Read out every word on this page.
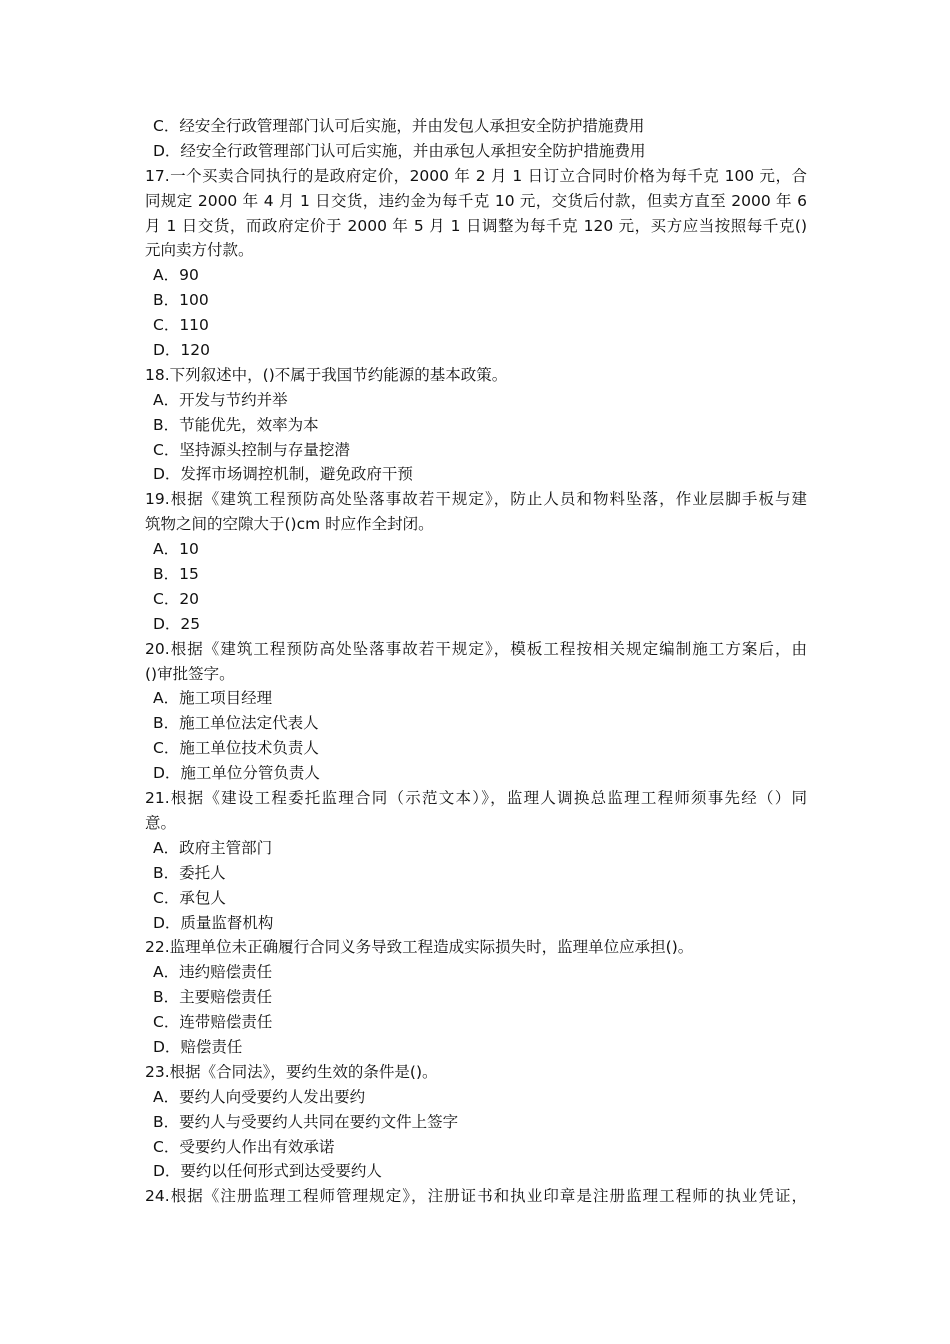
C．经安全行政管理部门认可后实施，并由发包人承担安全防护措施费用
D．经安全行政管理部门认可后实施，并由承包人承担安全防护措施费用
17.一个买卖合同执行的是政府定价，2000 年 2 月 1 日订立合同时价格为每千克 100 元，合
同规定 2000 年 4 月 1 日交货，违约金为每千克 10 元，交货后付款，但卖方直至 2000 年 6
月 1 日交货，而政府定价于 2000 年 5 月 1 日调整为每千克 120 元，买方应当按照每千克()
元向卖方付款。
A．90
B．100
C．110
D．120
18.下列叙述中，()不属于我国节约能源的基本政策。
A．开发与节约并举
B．节能优先，效率为本
C．坚持源头控制与存量挖潜
D．发挥市场调控机制，避免政府干预
19.根据《建筑工程预防高处坠落事故若干规定》，防止人员和物料坠落，作业层脚手板与建
筑物之间的空隙大于()cm 时应作全封闭。
A．10
B．15
C．20
D．25
20.根据《建筑工程预防高处坠落事故若干规定》，模板工程按相关规定编制施工方案后，由
()审批签字。
A．施工项目经理
B．施工单位法定代表人
C．施工单位技术负责人
D．施工单位分管负责人
21.根据《建设工程委托监理合同（示范文本）》，监理人调换总监理工程师须事先经（）同
意。
A．政府主管部门
B．委托人
C．承包人
D．质量监督机构
22.监理单位未正确履行合同义务导致工程造成实际损失时，监理单位应承担()。
A．违约赔偿责任
B．主要赔偿责任
C．连带赔偿责任
D．赔偿责任
23.根据《合同法》，要约生效的条件是()。
A．要约人向受要约人发出要约
B．要约人与受要约人共同在要约文件上签字
C．受要约人作出有效承诺
D．要约以任何形式到达受要约人
24.根据《注册监理工程师管理规定》，注册证书和执业印章是注册监理工程师的执业凭证，
